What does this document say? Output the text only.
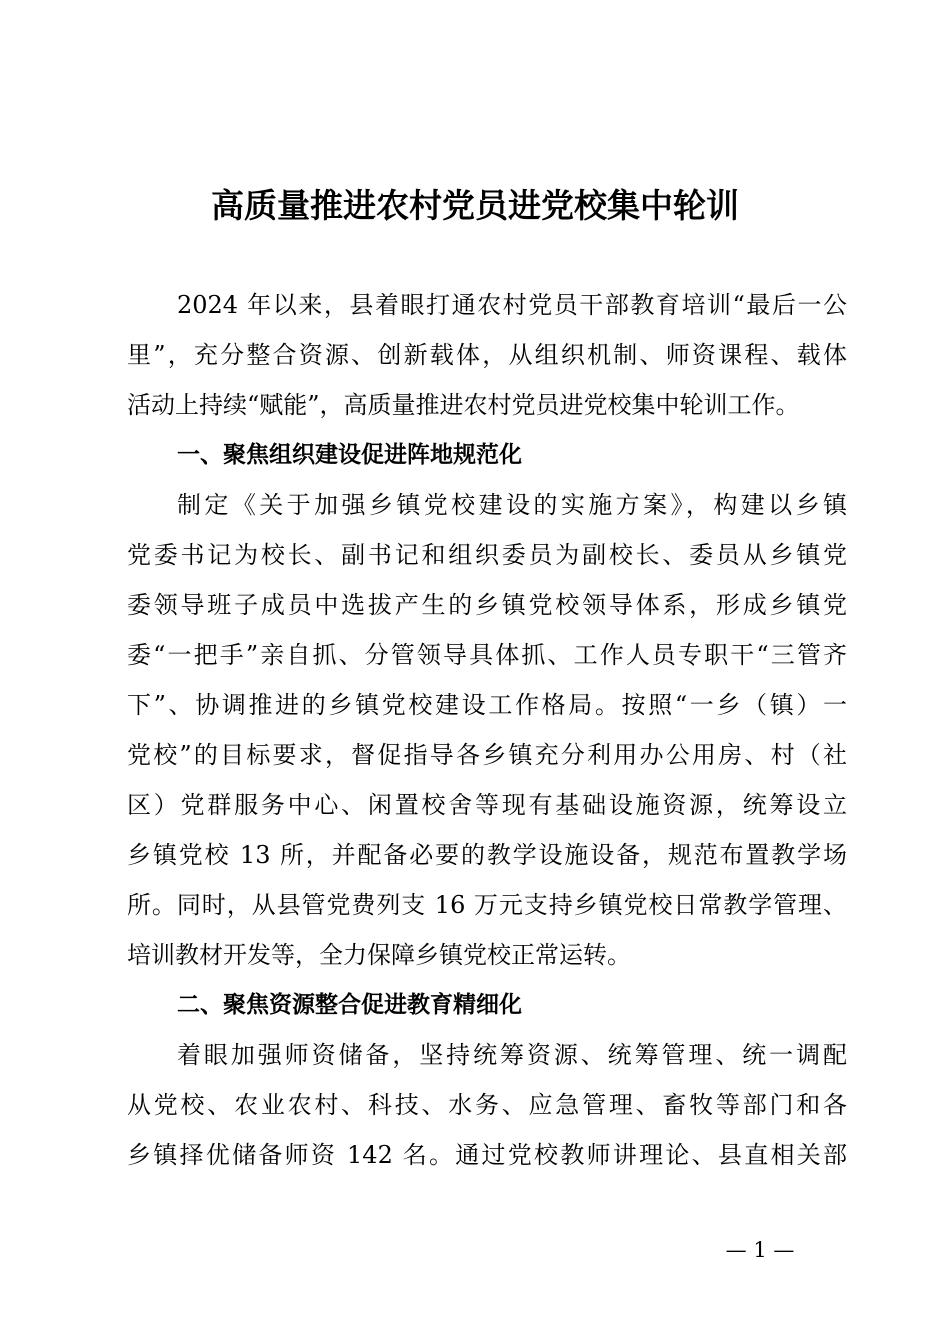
高质量推进农村党员进党校集中轮训
2024 年以来，县着眼打通农村党员干部教育培训“最后一公
里”，充分整合资源、创新载体，从组织机制、师资课程、载体
活动上持续“赋能”，高质量推进农村党员进党校集中轮训工作。
一、聚焦组织建设促进阵地规范化
制定《关于加强乡镇党校建设的实施方案》，构建以乡镇
党委书记为校长、副书记和组织委员为副校长、委员从乡镇党
委领导班子成员中选拔产生的乡镇党校领导体系，形成乡镇党
委“一把手”亲自抓、分管领导具体抓、工作人员专职干“三管齐
下”、协调推进的乡镇党校建设工作格局。按照“一乡（镇）一
党校”的目标要求，督促指导各乡镇充分利用办公用房、村（社
区）党群服务中心、闲置校舍等现有基础设施资源，统筹设立
乡镇党校 13 所，并配备必要的教学设施设备，规范布置教学场
所。同时，从县管党费列支 16 万元支持乡镇党校日常教学管理、
培训教材开发等，全力保障乡镇党校正常运转。
二、聚焦资源整合促进教育精细化
着眼加强师资储备，坚持统筹资源、统筹管理、统一调配
从党校、农业农村、科技、水务、应急管理、畜牧等部门和各
乡镇择优储备师资 142 名。通过党校教师讲理论、县直相关部
— 1 —
